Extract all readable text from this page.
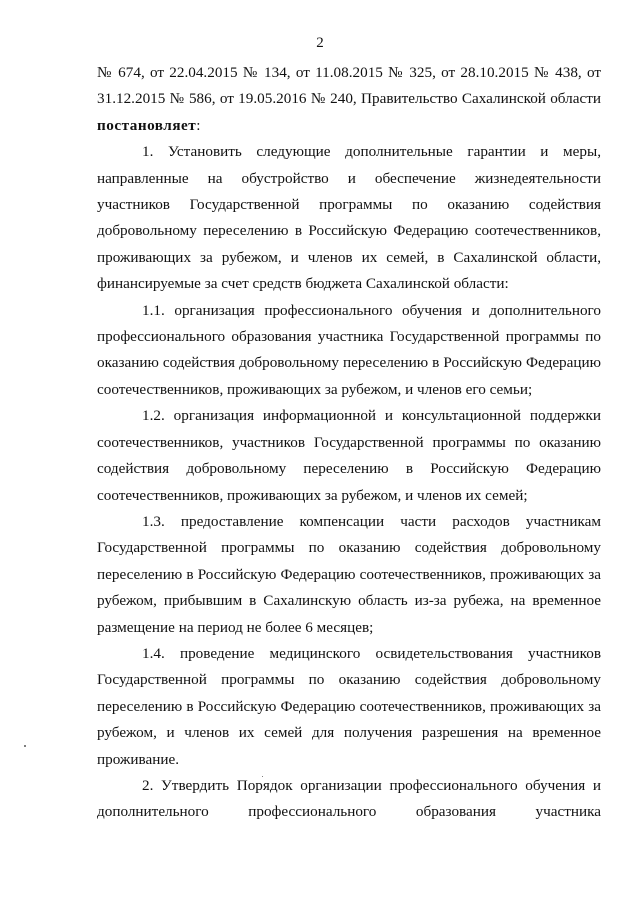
2

№ 674, от 22.04.2015 № 134, от 11.08.2015 № 325, от 28.10.2015 № 438, от 31.12.2015 № 586, от 19.05.2016 № 240, Правительство Сахалинской области постановляет:

1. Установить следующие дополнительные гарантии и меры, направленные на обустройство и обеспечение жизнедеятельности участников Государственной программы по оказанию содействия добровольному переселению в Российскую Федерацию соотечественников, проживающих за рубежом, и членов их семей, в Сахалинской области, финансируемые за счет средств бюджета Сахалинской области:

1.1. организация профессионального обучения и дополнительного профессионального образования участника Государственной программы по оказанию содействия добровольному переселению в Российскую Федерацию соотечественников, проживающих за рубежом, и членов его семьи;

1.2. организация информационной и консультационной поддержки соотечественников, участников Государственной программы по оказанию содействия добровольному переселению в Российскую Федерацию соотечественников, проживающих за рубежом, и членов их семей;

1.3. предоставление компенсации части расходов участникам Государственной программы по оказанию содействия добровольному переселению в Российскую Федерацию соотечественников, проживающих за рубежом, прибывшим в Сахалинскую область из-за рубежа, на временное размещение на период не более 6 месяцев;

1.4. проведение медицинского освидетельствования участников Государственной программы по оказанию содействия добровольному переселению в Российскую Федерацию соотечественников, проживающих за рубежом, и членов их семей для получения разрешения на временное проживание.

2. Утвердить Порядок организации профессионального обучения и дополнительного профессионального образования участника
